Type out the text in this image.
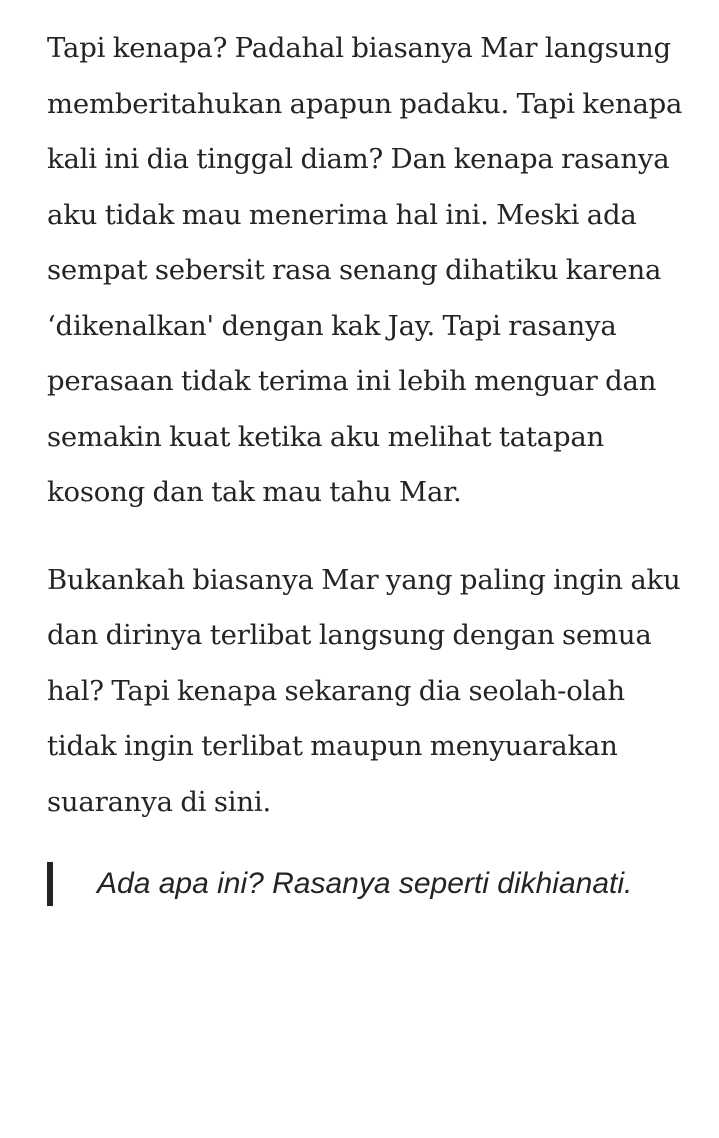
Tapi kenapa? Padahal biasanya Mar langsung memberitahukan apapun padaku. Tapi kenapa kali ini dia tinggal diam? Dan kenapa rasanya aku tidak mau menerima hal ini. Meski ada sempat sebersit rasa senang dihatiku karena ‘dikenalkan' dengan kak Jay. Tapi rasanya perasaan tidak terima ini lebih menguar dan semakin kuat ketika aku melihat tatapan kosong dan tak mau tahu Mar.

Bukankah biasanya Mar yang paling ingin aku dan dirinya terlibat langsung dengan semua hal? Tapi kenapa sekarang dia seolah-olah tidak ingin terlibat maupun menyuarakan suaranya di sini.

Ada apa ini? Rasanya seperti dikhianati.
